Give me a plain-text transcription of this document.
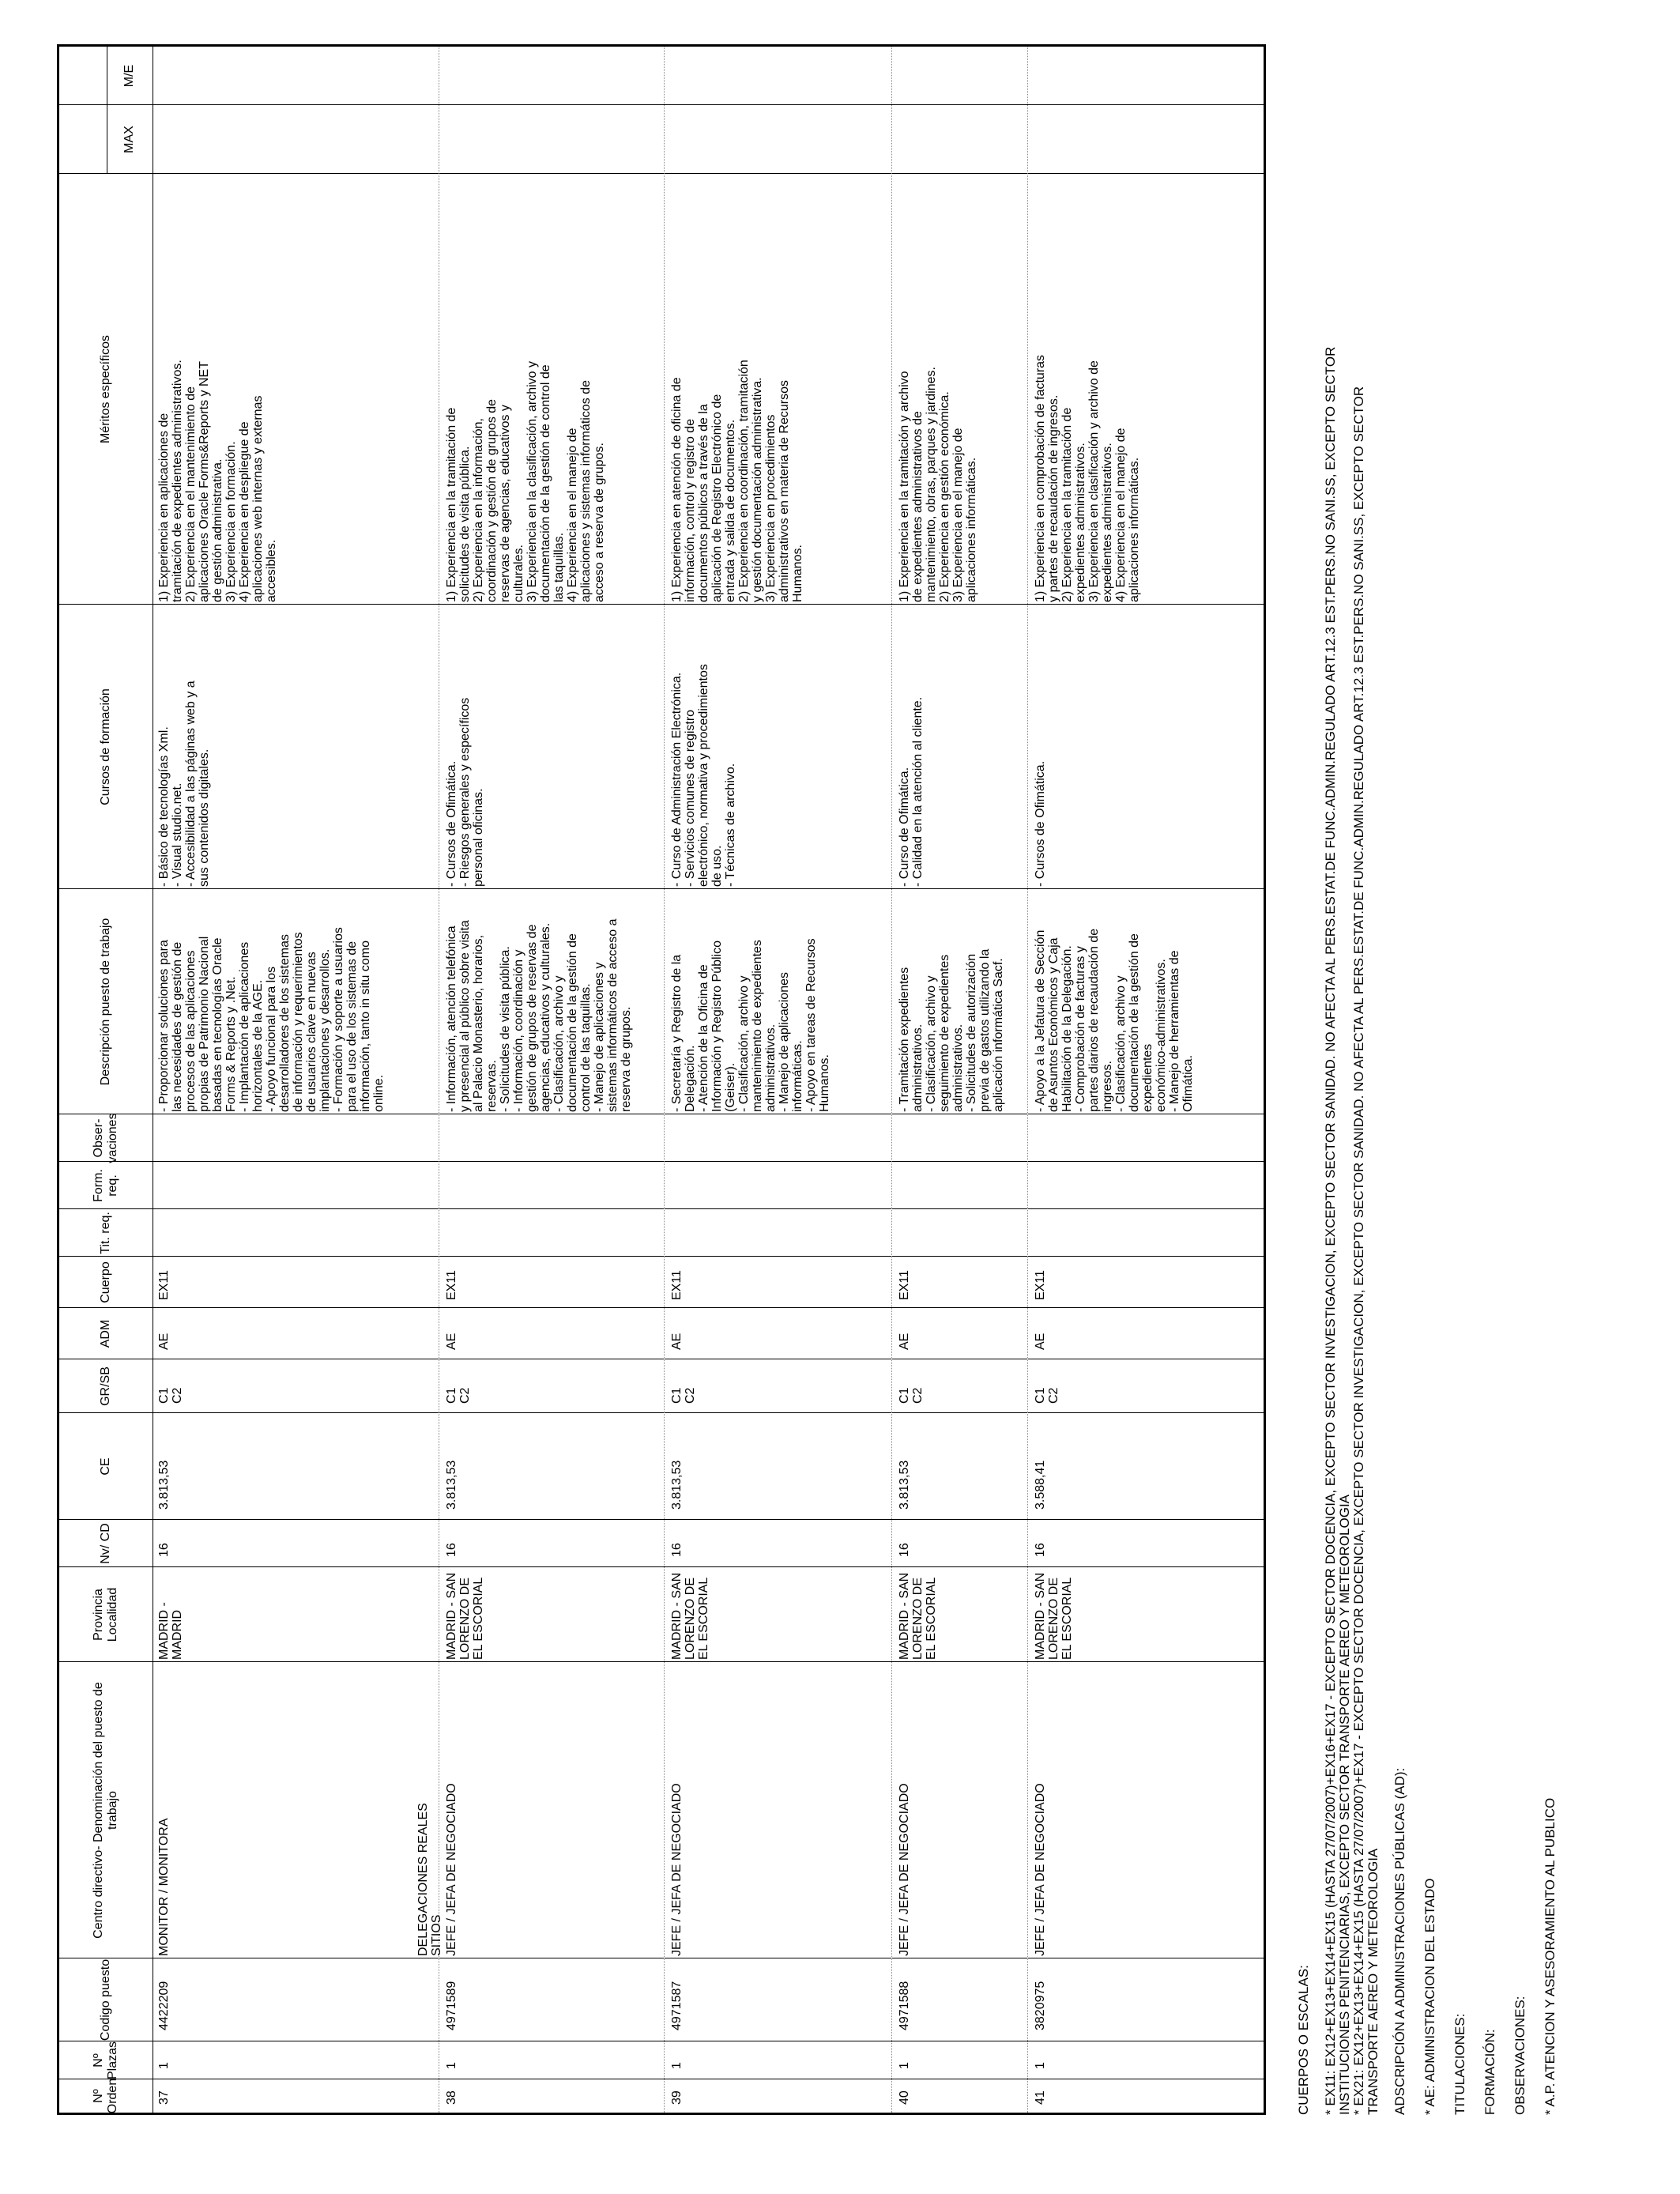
Nº Orden
Nº Plazas
Codigo puesto
Centro directivo- Denominación del puesto de trabajo
Provincia Localidad
Nv/ CD
CE
GR/SB
ADM
Cuerpo
Tit. req.
Form. req.
Obser- vaciones
Descripción puesto de trabajo
Cursos de formación
Méritos específicos
MAX
M/E
DELEGACIONES REALES
SITIOS
37
1
4422209
MONITOR / MONITORA
MADRID -
MADRID
16
3.813,53
C1
C2
AE
EX11
- Proporcionar soluciones para
las necesidades de gestión de
procesos de las aplicaciones
propias de Patrimonio Nacional
basadas en tecnologías Oracle
Forms & Reports y .Net.
- Implantación de aplicaciones
horizontales de la AGE.
- Apoyo funcional para los
desarrolladores de los sistemas
de información y requerimientos
de usuarios clave en nuevas
implantaciones y desarrollos.
- Formación y soporte a usuarios
para el uso de los sistemas de
información, tanto in situ como
online.
- Básico de tecnologías Xml.
- Visual studio.net.
- Accesibilidad a las páginas web y a
sus contenidos digitales.
1) Experiencia en aplicaciones de
tramitación de expedientes administrativos.
2) Experiencia en el mantenimiento de
aplicaciones Oracle Forms&Reports y NET
de gestión administrativa.
3) Experiencia en formación.
4) Experiencia en despliegue de
aplicaciones web internas y externas
accesibles.
38
1
4971589
JEFE / JEFA DE NEGOCIADO
MADRID - SAN
LORENZO DE
EL ESCORIAL
16
3.813,53
C1
C2
AE
EX11
- Información, atención telefónica
y presencial al público sobre visita
al Palacio Monasterio, horarios,
reservas.
- Solicitudes de visita pública.
- Información, coordinación y
gestión de grupos de reservas de
agencias, educativos y culturales.
- Clasificación, archivo y
documentación de la gestión de
control de las taquillas.
- Manejo de aplicaciones y
sistemas informáticos de acceso a
reserva de grupos.
- Cursos de Ofimática.
- Riesgos generales y específicos
personal oficinas.
1) Experiencia en la tramitación de
solicitudes de visita pública.
2) Experiencia en la información,
coordinación y gestión de grupos de
reservas de agencias, educativos y
culturales.
3) Experiencia en la clasificación, archivo y
documentación de la gestión de control de
las taquillas.
4) Experiencia en el manejo de
aplicaciones y sistemas informáticos de
acceso a reserva de grupos.
39
1
4971587
JEFE / JEFA DE NEGOCIADO
MADRID - SAN
LORENZO DE
EL ESCORIAL
16
3.813,53
C1
C2
AE
EX11
- Secretaría y Registro de la
Delegación.
- Atención de la Oficina de
Información y Registro Público
(Geiser).
- Clasificación, archivo y
mantenimiento de expedientes
administrativos.
- Manejo de aplicaciones
informáticas.
- Apoyo en tareas de Recursos
Humanos.
- Curso de Administración Electrónica.
- Servicios comunes de registro
electrónico, normativa y procedimientos
de uso.
- Técnicas de archivo.
1) Experiencia en atención de oficina de
información, control y registro de
documentos públicos a través de la
aplicación de Registro Electrónico de
entrada y salida de documentos.
2) Experiencia en coordinación, tramitación
y gestión documentación administrativa.
3) Experiencia en procedimientos
administrativos en materia de Recursos
Humanos.
40
1
4971588
JEFE / JEFA DE NEGOCIADO
MADRID - SAN
LORENZO DE
EL ESCORIAL
16
3.813,53
C1
C2
AE
EX11
- Tramitación expedientes
administrativos.
- Clasificación, archivo y
seguimiento de expedientes
administrativos.
- Solicitudes de autorización
previa de gastos utilizando la
aplicación informática Sacf.
- Curso de Ofimática.
- Calidad en la atención al cliente.
1) Experiencia en la tramitación y archivo
de expedientes administrativos de
mantenimiento, obras, parques y jardines.
2) Experiencia en gestión económica.
3) Experiencia en el manejo de
aplicaciones informáticas.
41
1
3820975
JEFE / JEFA DE NEGOCIADO
MADRID - SAN
LORENZO DE
EL ESCORIAL
16
3.588,41
C1
C2
AE
EX11
- Apoyo a la Jefatura de Sección
de Asuntos Económicos y Caja
Habilitación de la Delegación.
- Comprobación de facturas y
partes diarios de recaudación de
ingresos.
- Clasificación, archivo y
documentación de la gestión de
expedientes
económico-administrativos.
- Manejo de herramientas de
Ofimática.
- Cursos de Ofimática.
1) Experiencia en comprobación de facturas
y partes de recaudación de ingresos.
2) Experiencia en la tramitación de
expedientes administrativos.
3) Experiencia en clasificación y archivo de
expedientes administrativos.
4) Experiencia en el manejo de
aplicaciones informáticas.
CUERPOS O ESCALAS: * EX11: EX12+EX13+EX14+EX15 (HASTA 27/07/2007)+EX16+EX17 - EXCEPTO SECTOR DOCENCIA, EXCEPTO SECTOR INVESTIGACION, EXCEPTO SECTOR SANIDAD. NO AFECTA AL PERS.ESTAT.DE FUNC.ADMIN.REGULADO ART.12.3 EST.PERS.NO SANI.SS, EXCEPTO SECTOR INSTITUCIONES PENITENCIARIAS, EXCEPTO SECTOR TRANSPORTE AEREO Y METEOROLOGIA * EX21: EX12+EX13+EX14+EX15 (HASTA 27/07/2007)+EX17 - EXCEPTO SECTOR DOCENCIA, EXCEPTO SECTOR INVESTIGACION, EXCEPTO SECTOR SANIDAD. NO AFECTA AL PERS.ESTAT.DE FUNC.ADMIN.REGULADO ART.12.3 EST.PERS.NO SANI.SS, EXCEPTO SECTOR TRANSPORTE AEREO Y METEOROLOGIA ADSCRIPCIÓN A ADMINISTRACIONES PÚBLICAS (AD): * AE: ADMINISTRACION DEL ESTADO TITULACIONES: FORMACIÓN: OBSERVACIONES: * A.P. ATENCION Y ASESORAMIENTO AL PUBLICO
